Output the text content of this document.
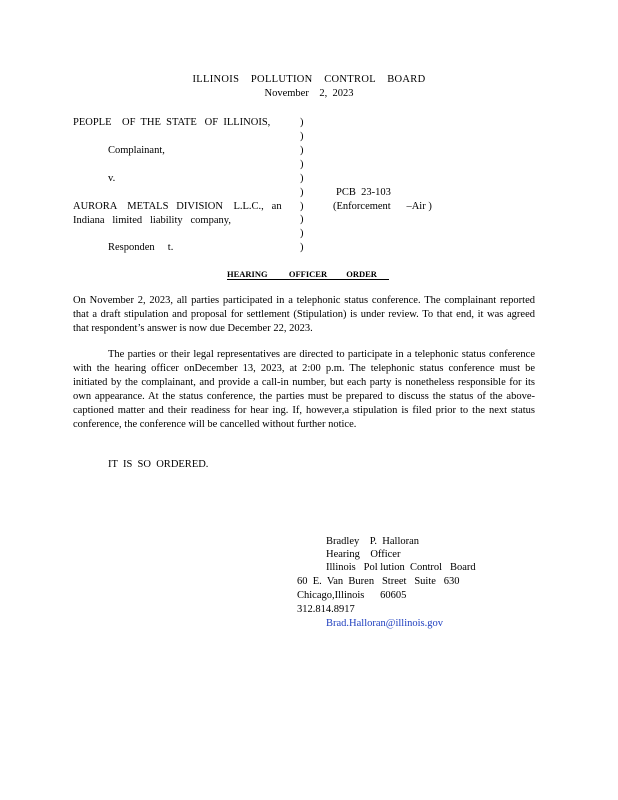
ILLINOIS    POLLUTION    CONTROL    BOARD
November    2,  2023
PEOPLE    OF  THE  STATE   OF  ILLINOIS,
Complainant,
v.
AURORA    METALS   DIVISION    L.L.C.,   an
Indiana   limited   liability   company,
Responden     t.
)
)
)
)
)
)
)
)
)
)
PCB  23-103
(Enforcement      –Air )
HEARING          OFFICER         ORDER
On November 2, 2023, all parties participated in a telephonic status conference. The complainant reported that a draft stipulation and proposal for settlement (Stipulation) is under review. To that end, it was agreed that respondent’s answer is now due December 22, 2023.
The parties or their legal representatives are directed to participate in a telephonic status conference with the hearing officer onDecember 13, 2023, at 2:00 p.m. The telephonic status conference must be initiated by the complainant, and provide a call-in number, but each party is nonetheless responsible for its own appearance. At the status conference, the parties must be prepared to discuss the status of the above- captioned matter and their readiness for hear ing. If, however,a stipulation is filed prior to the next status conference, the conference will be cancelled without further notice.
IT  IS  SO  ORDERED.
Bradley    P.  Halloran
Hearing    Officer
Illinois   Pol lution  Control   Board
60  E.  Van  Buren   Street   Suite   630
Chicago,Illinois      60605
312.814.8917
Brad.Halloran@illinois.gov
